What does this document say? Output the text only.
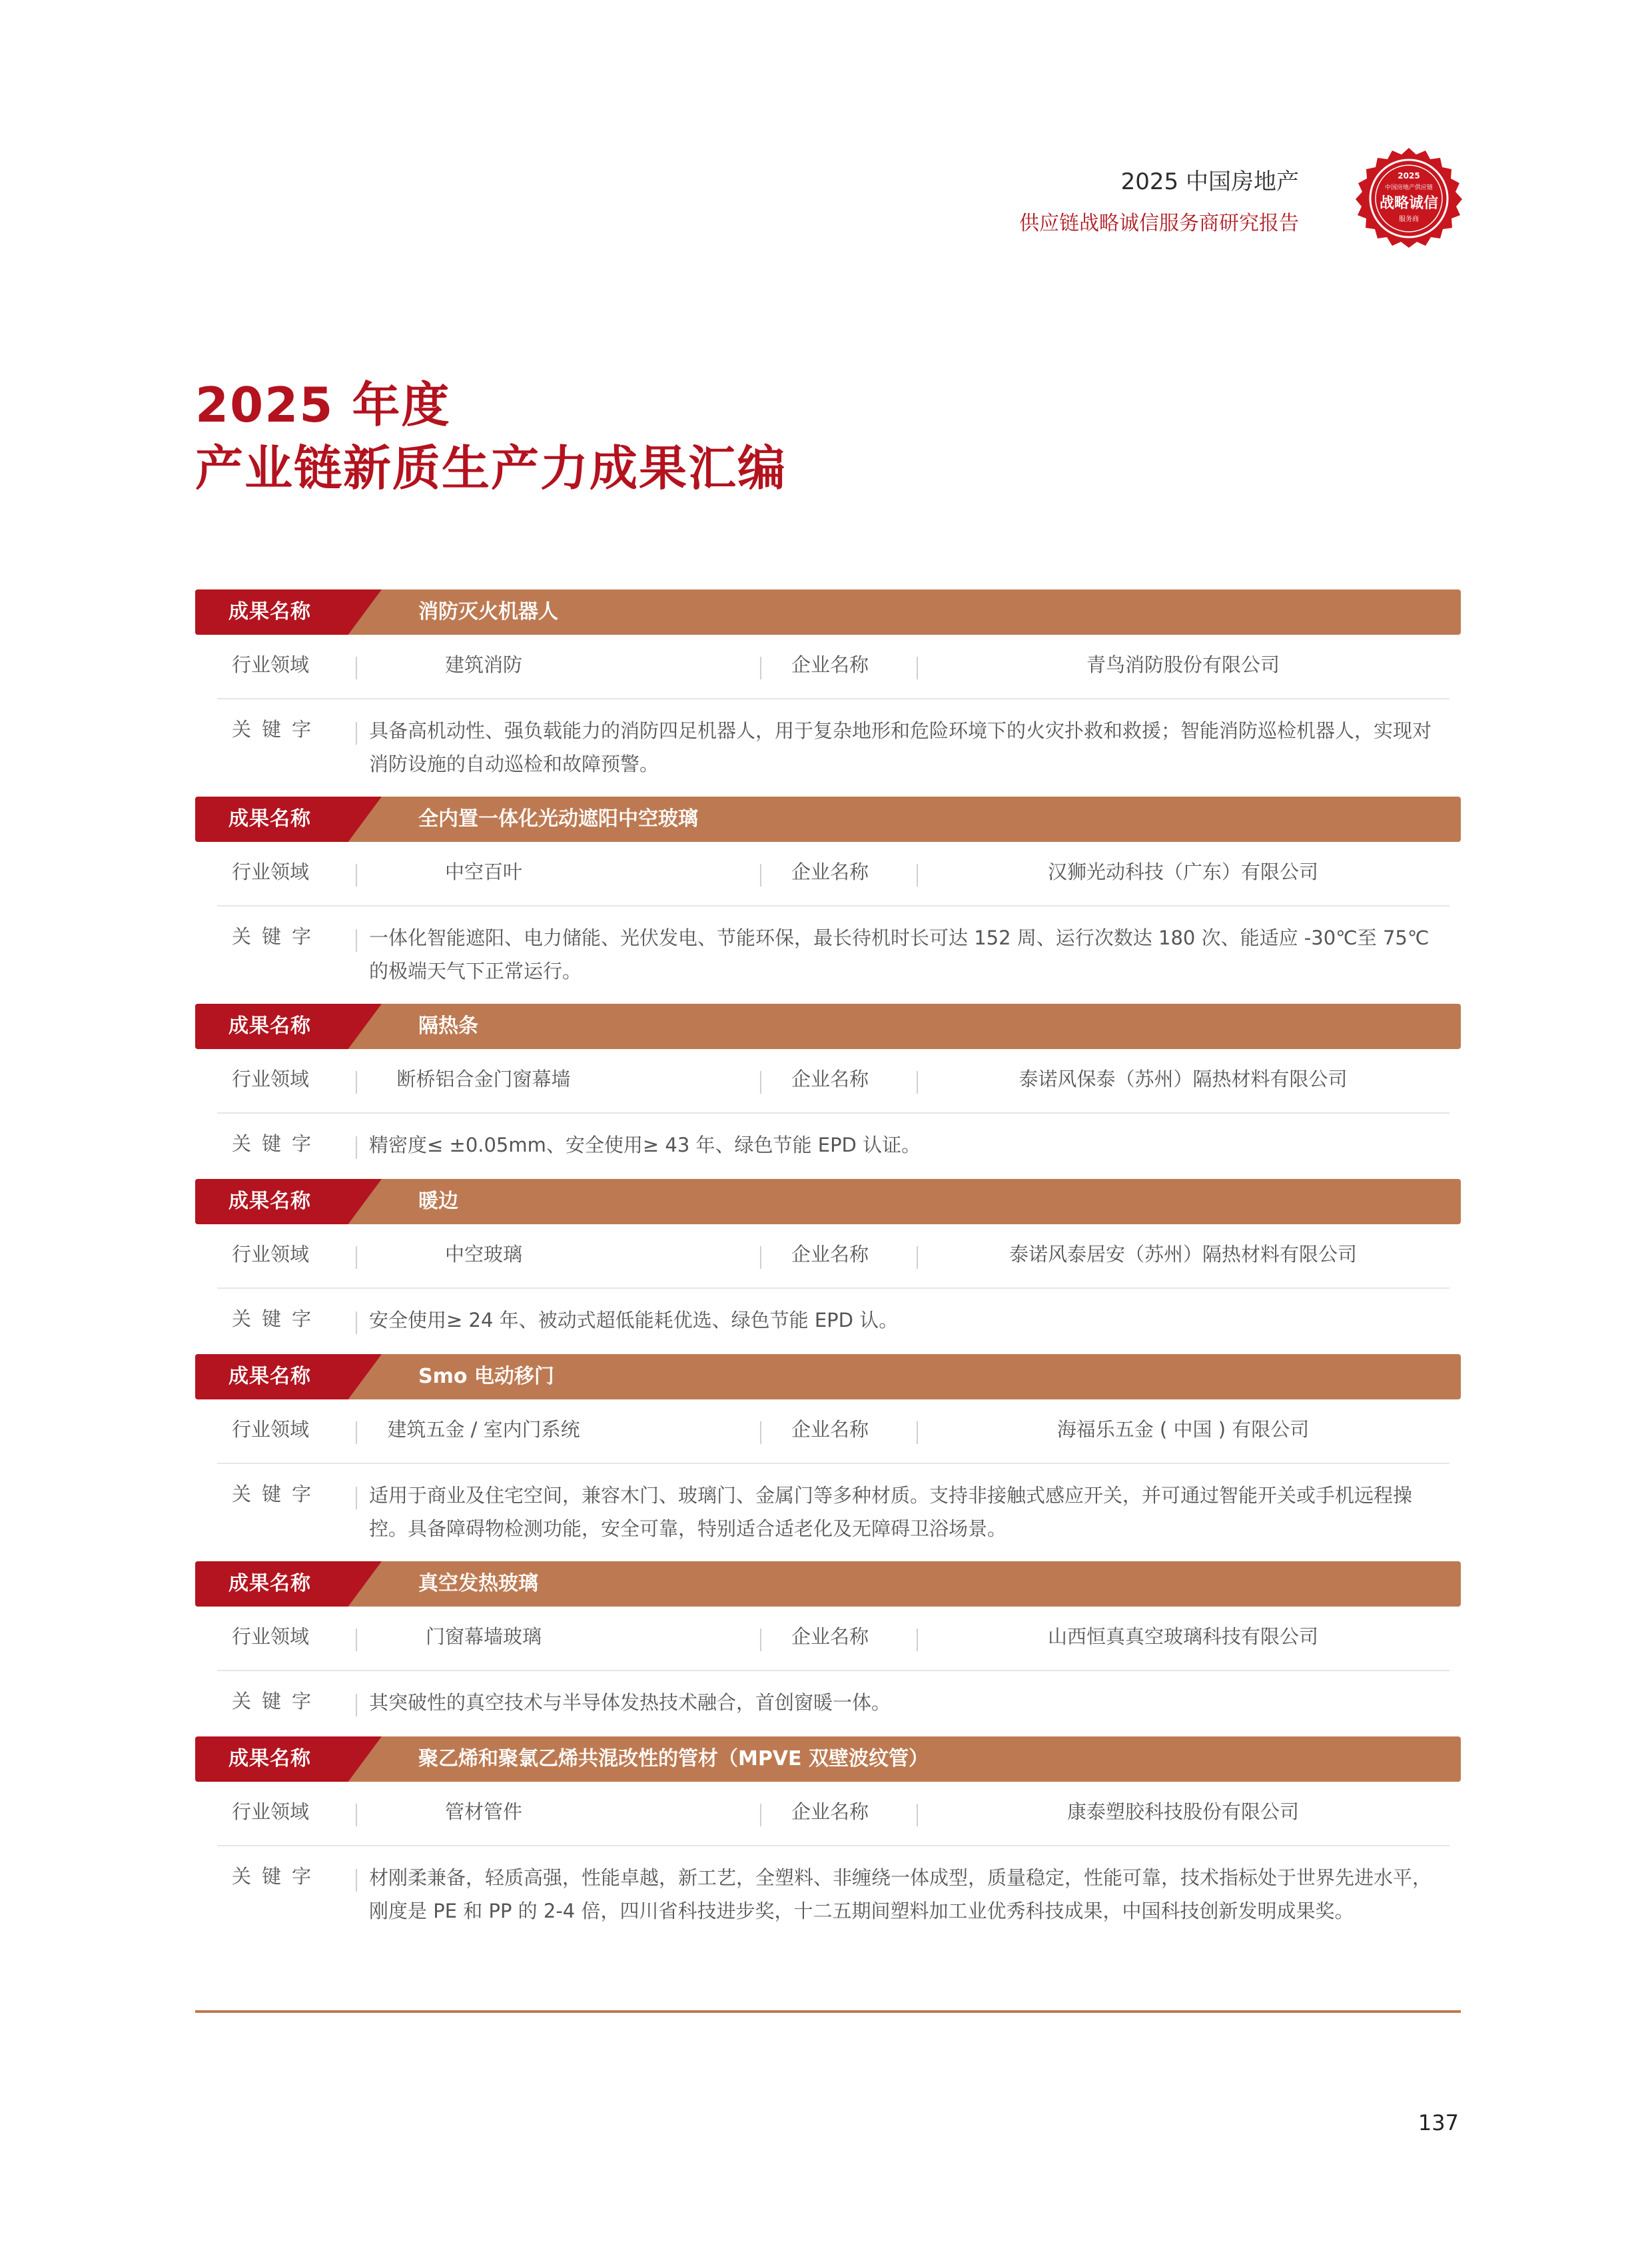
2025 中国房地产
供应链战略诚信服务商研究报告
2025
中国房地产供应链
战略诚信
服务商
2025 年度
产业链新质生产力成果汇编
成果名称	消防灭火机器人
行业领域	建筑消防	企业名称	青鸟消防股份有限公司
关键字 具备高机动性、强负载能力的消防四足机器人，用于复杂地形和危险环境下的火灾扑救和救援；智能消防巡检机器人，实现对消防设施的自动巡检和故障预警。
成果名称	全内置一体化光动遮阳中空玻璃
行业领域	中空百叶	企业名称	汉狮光动科技（广东）有限公司
关键字 一体化智能遮阳、电力储能、光伏发电、节能环保，最长待机时长可达 152 周、运行次数达 180 次、能适应 -30℃至 75℃的极端天气下正常运行。
成果名称	隔热条
行业领域	断桥铝合金门窗幕墙	企业名称	泰诺风保泰（苏州）隔热材料有限公司
关键字 精密度≤ ±0.05mm、安全使用≥ 43 年、绿色节能 EPD 认证。
成果名称	暖边
行业领域	中空玻璃	企业名称	泰诺风泰居安（苏州）隔热材料有限公司
关键字 安全使用≥ 24 年、被动式超低能耗优选、绿色节能 EPD 认。
成果名称	Smo 电动移门
行业领域	建筑五金 / 室内门系统	企业名称	海福乐五金 ( 中国 ) 有限公司
关键字 适用于商业及住宅空间，兼容木门、玻璃门、金属门等多种材质。支持非接触式感应开关，并可通过智能开关或手机远程操控。具备障碍物检测功能，安全可靠，特别适合适老化及无障碍卫浴场景。
成果名称	真空发热玻璃
行业领域	门窗幕墙玻璃	企业名称	山西恒真真空玻璃科技有限公司
关键字 其突破性的真空技术与半导体发热技术融合，首创窗暖一体。
成果名称	聚乙烯和聚氯乙烯共混改性的管材（MPVE 双壁波纹管）
行业领域	管材管件	企业名称	康泰塑胶科技股份有限公司
关键字 材刚柔兼备，轻质高强，性能卓越，新工艺，全塑料、非缠绕一体成型，质量稳定，性能可靠，技术指标处于世界先进水平，刚度是 PE 和 PP 的 2-4 倍，四川省科技进步奖，十二五期间塑料加工业优秀科技成果，中国科技创新发明成果奖。
137
